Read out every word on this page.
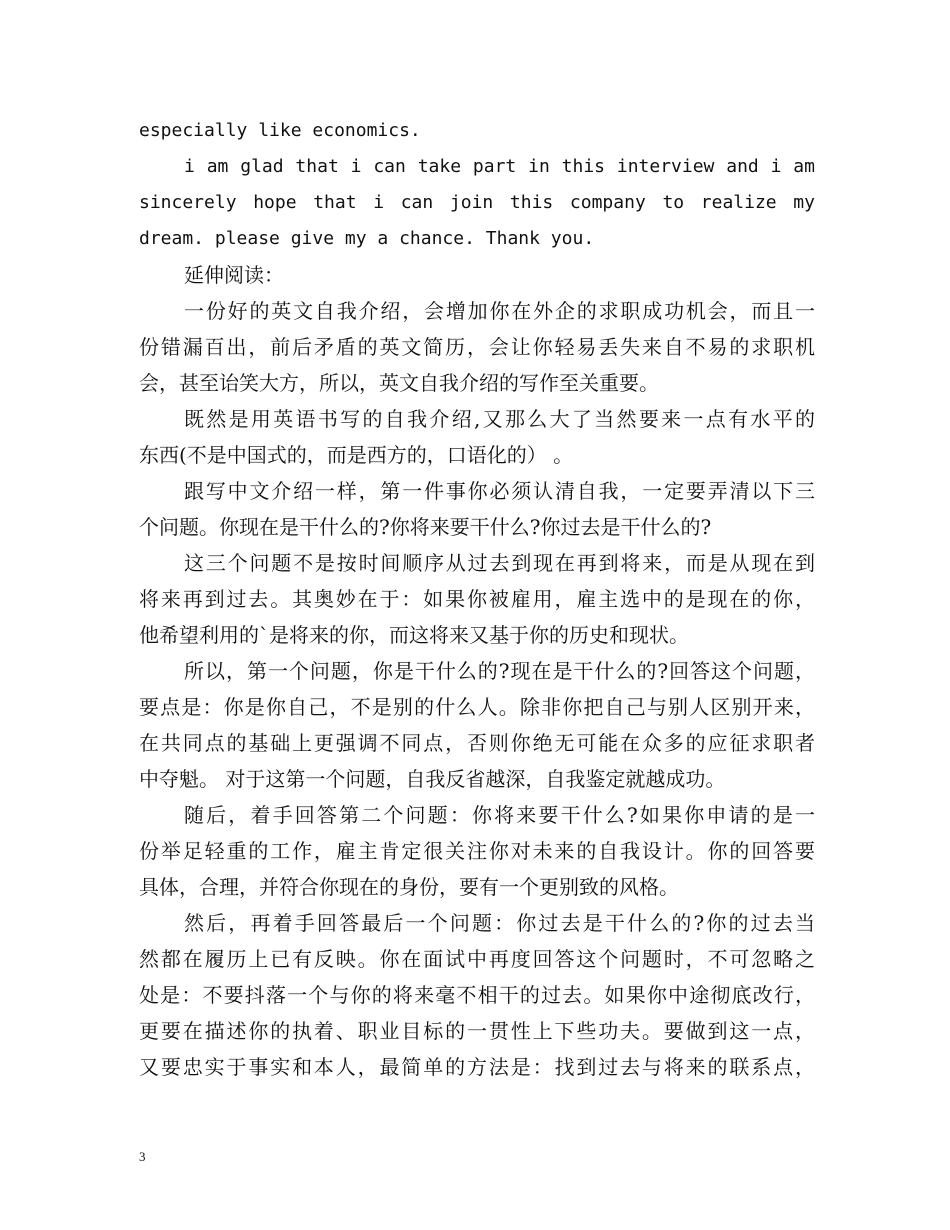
especially like economics.
i am glad that i can take part in this interview and i am
sincerely hope that i can join this company to realize my
dream. please give my a chance. Thank you.
延伸阅读：
一份好的英文自我介绍，会增加你在外企的求职成功机会，而且一
份错漏百出，前后矛盾的英文简历，会让你轻易丢失来自不易的求职机
会，甚至诒笑大方，所以，英文自我介绍的写作至关重要。
既然是用英语书写的自我介绍,又那么大了当然要来一点有水平的
东西(不是中国式的，而是西方的，口语化的） 。
跟写中文介绍一样，第一件事你必须认清自我，一定要弄清以下三
个问题。你现在是干什么的?你将来要干什么?你过去是干什么的?
这三个问题不是按时间顺序从过去到现在再到将来，而是从现在到
将来再到过去。其奥妙在于：如果你被雇用，雇主选中的是现在的你，
他希望利用的`是将来的你，而这将来又基于你的历史和现状。
所以，第一个问题，你是干什么的?现在是干什么的?回答这个问题，
要点是：你是你自己，不是别的什么人。除非你把自己与别人区别开来，
在共同点的基础上更强调不同点，否则你绝无可能在众多的应征求职者
中夺魁。 对于这第一个问题，自我反省越深，自我鉴定就越成功。
随后，着手回答第二个问题：你将来要干什么?如果你申请的是一
份举足轻重的工作，雇主肯定很关注你对未来的自我设计。你的回答要
具体，合理，并符合你现在的身份，要有一个更别致的风格。
然后，再着手回答最后一个问题：你过去是干什么的?你的过去当
然都在履历上已有反映。你在面试中再度回答这个问题时，不可忽略之
处是：不要抖落一个与你的将来毫不相干的过去。如果你中途彻底改行，
更要在描述你的执着、职业目标的一贯性上下些功夫。要做到这一点，
又要忠实于事实和本人，最简单的方法是：找到过去与将来的联系点，
3
